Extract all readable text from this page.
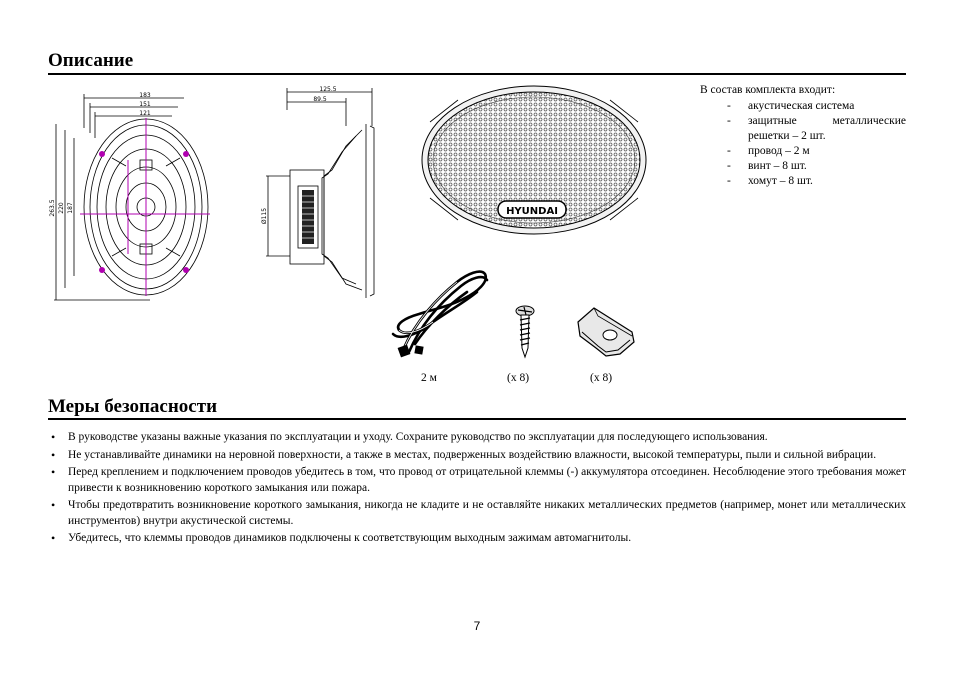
Описание
183
151
121
263.5 220 187
125.5
89.5
Ø115	HYUNDAI

В состав комплекта входит:

- акустическая система
- защитные металлические решетки – 2 шт.
- провод – 2 м
- винт – 8 шт.
- хомут – 8 шт.
2 м	(x 8)	(x 8)
Меры безопасности
• В руководстве указаны важные указания по эксплуатации и уходу. Сохраните руководство по эксплуатации для последующего использования.
• Не устанавливайте динамики на неровной поверхности, а также в местах, подверженных воздействию влажности, высокой температуры, пыли и сильной вибрации.
• Перед креплением и подключением проводов убедитесь в том, что провод от отрицательной клеммы (-) аккумулятора отсоединен. Несоблюдение этого требования может привести к возникновению короткого замыкания или пожара.
• Чтобы предотвратить возникновение короткого замыкания, никогда не кладите и не оставляйте никаких металлических предметов (например, монет или металлических инструментов) внутри акустической системы.
• Убедитесь, что клеммы проводов динамиков подключены к соответствующим выходным зажимам автомагнитолы.
7
